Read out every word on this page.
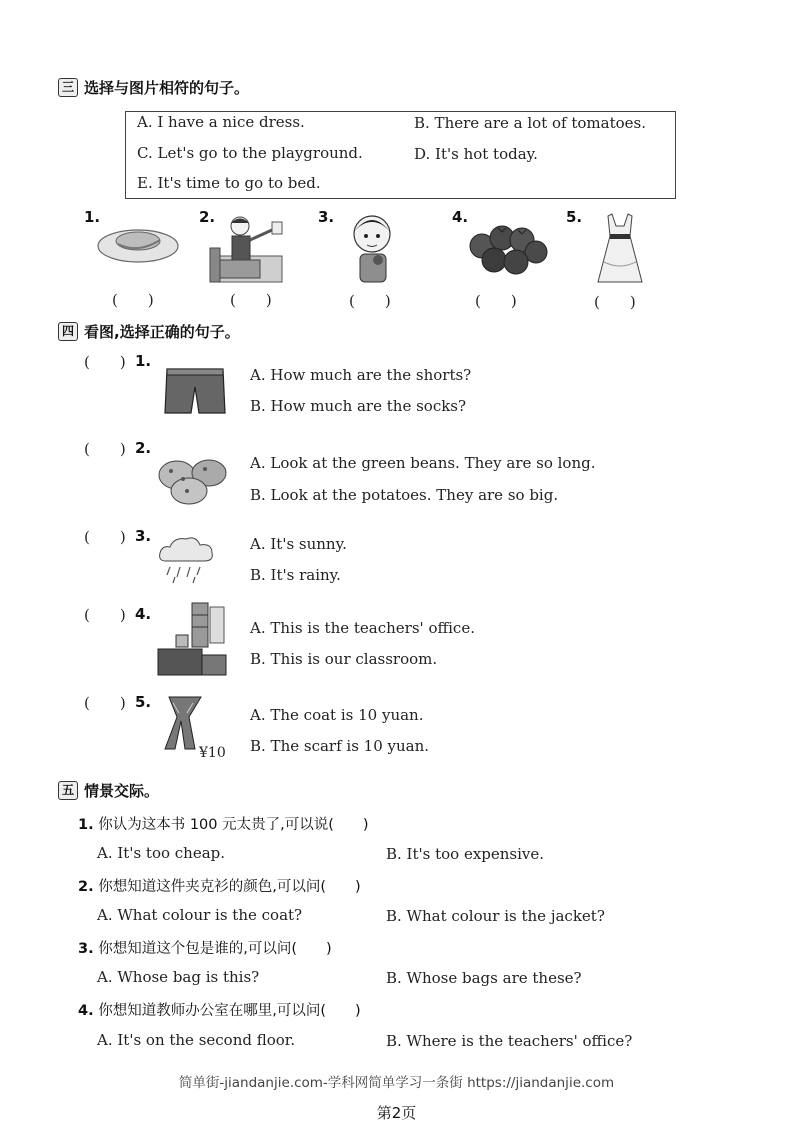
三 选择与图片相符的句子。
A. I have a nice dress.	B. There are a lot of tomatoes.
C. Let's go to the playground.	D. It's hot today.
E. It's time to go to bed.
1.	2.	3.	4.	5.
(　　)	(　　)	(　　)	(　　)	(　　)
四 看图,选择正确的句子。
(　　) 1.
A. How much are the shorts?
B. How much are the socks?
(　　) 2.
A. Look at the green beans. They are so long.
B. Look at the potatoes. They are so big.
(　　) 3.	A. It's sunny.
B. It's rainy.
(　　) 4.
A. This is the teachers' office.
B. This is our classroom.
(　　) 5.
¥10
A. The coat is 10 yuan.
B. The scarf is 10 yuan.
五 情景交际。
1. 你认为这本书 100 元太贵了,可以说(　　)
A. It's too cheap.	B. It's too expensive.
2. 你想知道这件夹克衫的颜色,可以问(　　)
A. What colour is the coat?	B. What colour is the jacket?
3. 你想知道这个包是谁的,可以问(　　)
A. Whose bag is this?	B. Whose bags are these?
4. 你想知道教师办公室在哪里,可以问(　　)
A. It's on the second floor.	B. Where is the teachers' office?
简单街-jiandanjie.com-学科网简单学习一条街 https://jiandanjie.com
第2页
